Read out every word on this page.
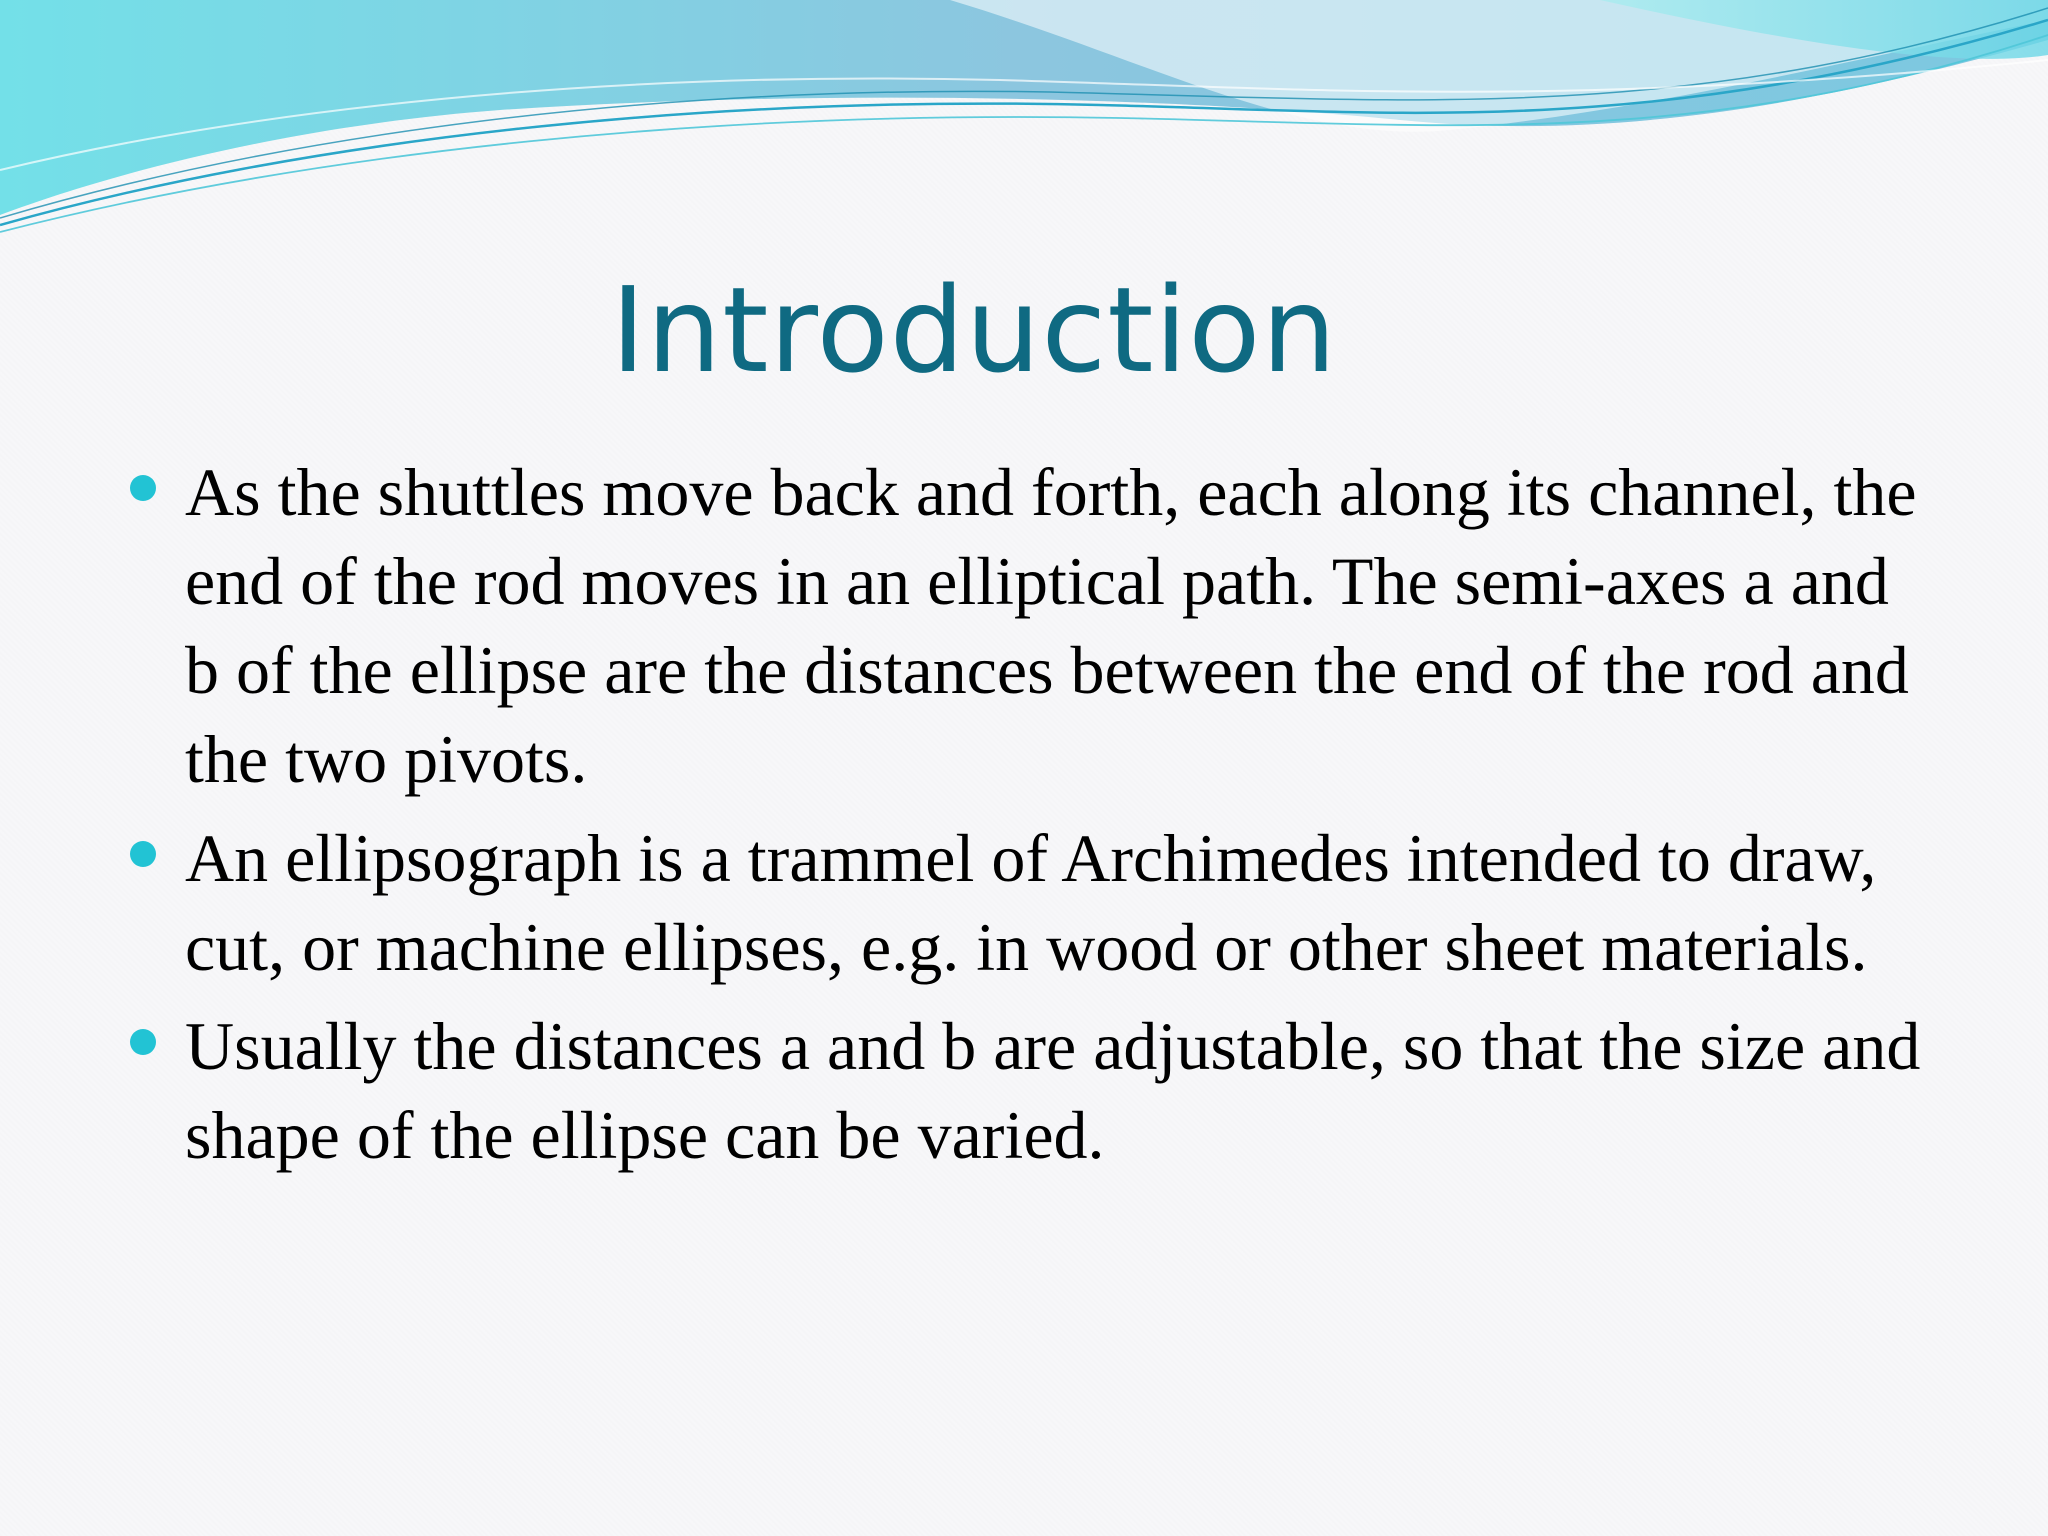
Introduction
As the shuttles move back and forth, each along its channel, the end of the rod moves in an elliptical path. The semi-axes a and b of the ellipse are the distances between the end of the rod and the two pivots.
An ellipsograph is a trammel of Archimedes intended to draw, cut, or machine ellipses, e.g. in wood or other sheet materials.
Usually the distances a and b are adjustable, so that the size and shape of the ellipse can be varied.
